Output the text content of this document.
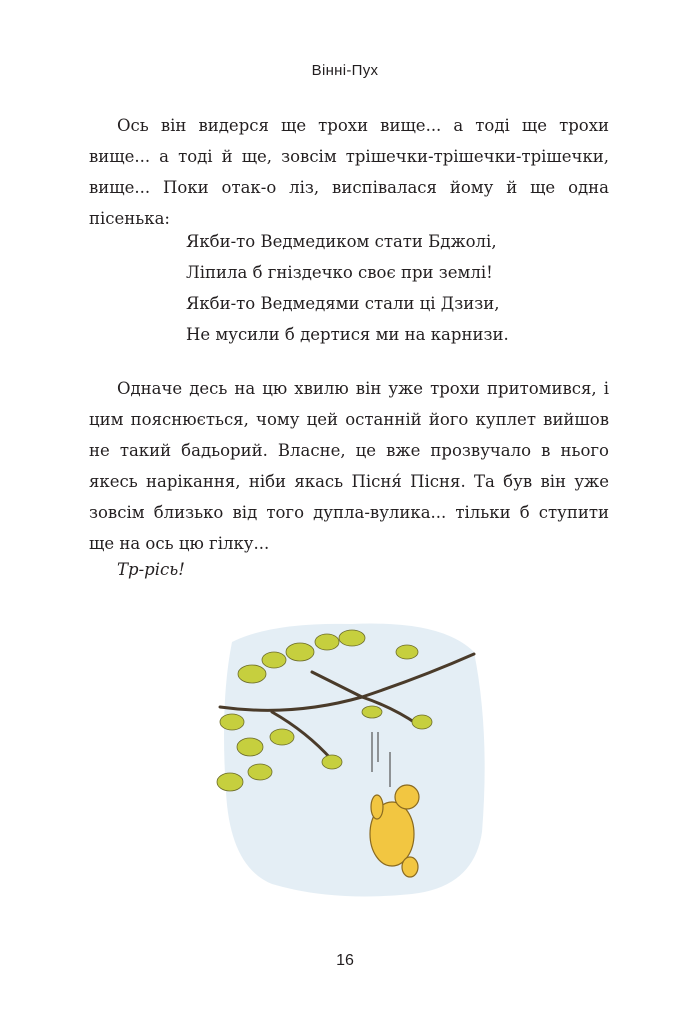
Вінні-Пух

Ось він видерся ще трохи вище... а тоді ще трохи вище... а тоді й ще, зовсім трішечки-трішечки-трішечки, вище... Поки отак-о ліз, виспівалася йому й ще одна пісенька:

Якби-то Ведмедиком стати Бджолі,
Ліпила б гніздечко своє при землі!
Якби-то Ведмедями стали ці Дзизи,
Не мусили б дертися ми на карнизи.

Одначе десь на цю хвилю він уже трохи притомився, і цим пояснюється, чому цей останній його куплет вийшов не такий бадьорий. Власне, це вже прозвучало в нього якесь нарікання, ніби якась Пісня́ Пісня. Та був він уже зовсім близько від того дупла-вулика... тільки б ступити ще на ось цю гілку...

Тр-рісь!
16
